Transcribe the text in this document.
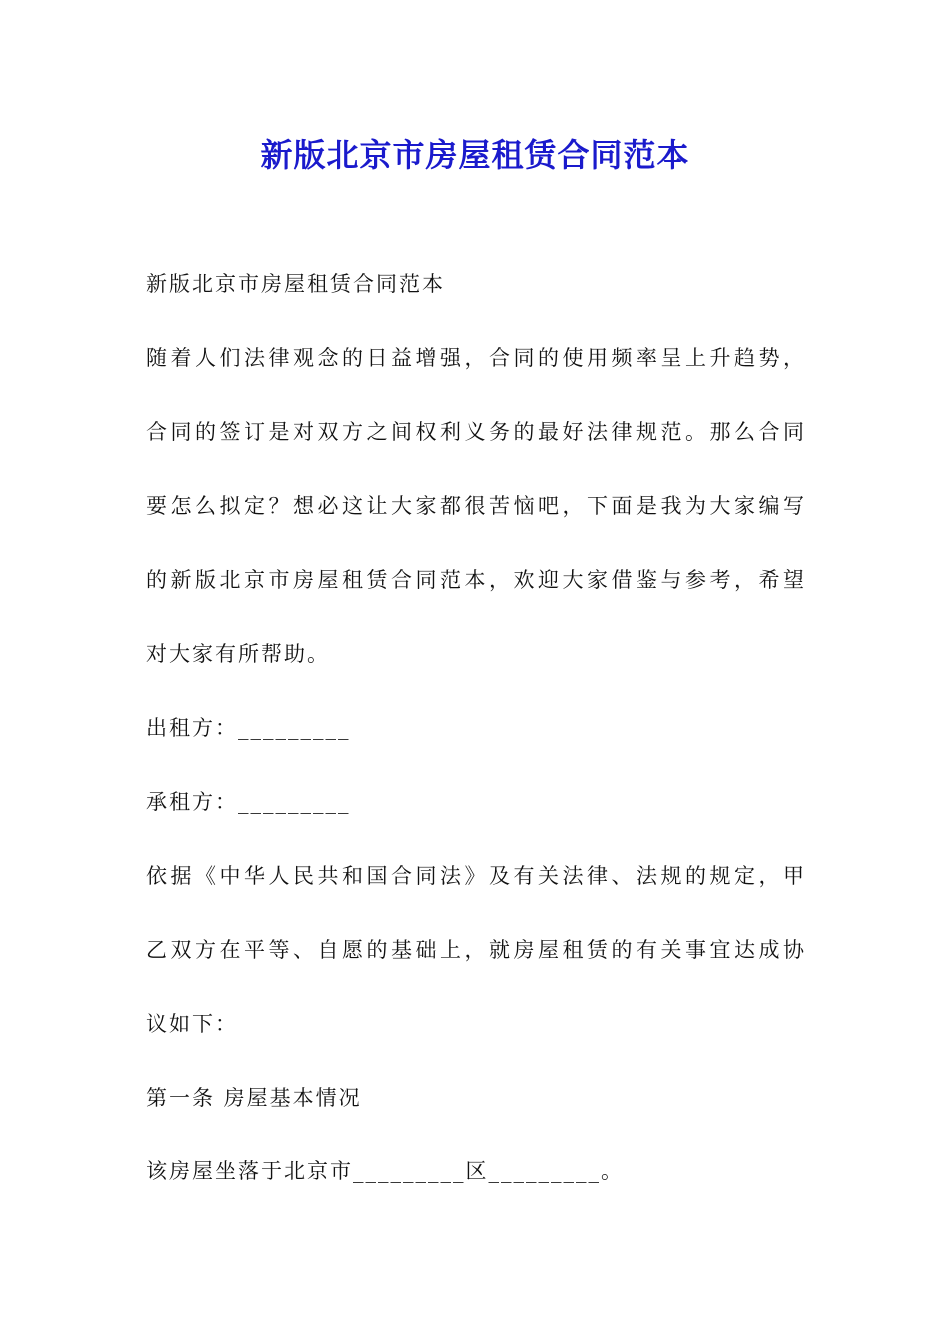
新版北京市房屋租赁合同范本
新版北京市房屋租赁合同范本
随着人们法律观念的日益增强，合同的使用频率呈上升趋势，
合同的签订是对双方之间权利义务的最好法律规范。那么合同
要怎么拟定？想必这让大家都很苦恼吧，下面是我为大家编写
的新版北京市房屋租赁合同范本，欢迎大家借鉴与参考，希望
对大家有所帮助。
出租方：_________
承租方：_________
依据《中华人民共和国合同法》及有关法律、法规的规定，甲
乙双方在平等、自愿的基础上，就房屋租赁的有关事宜达成协
议如下：
第一条 房屋基本情况
该房屋坐落于北京市_________区_________。
